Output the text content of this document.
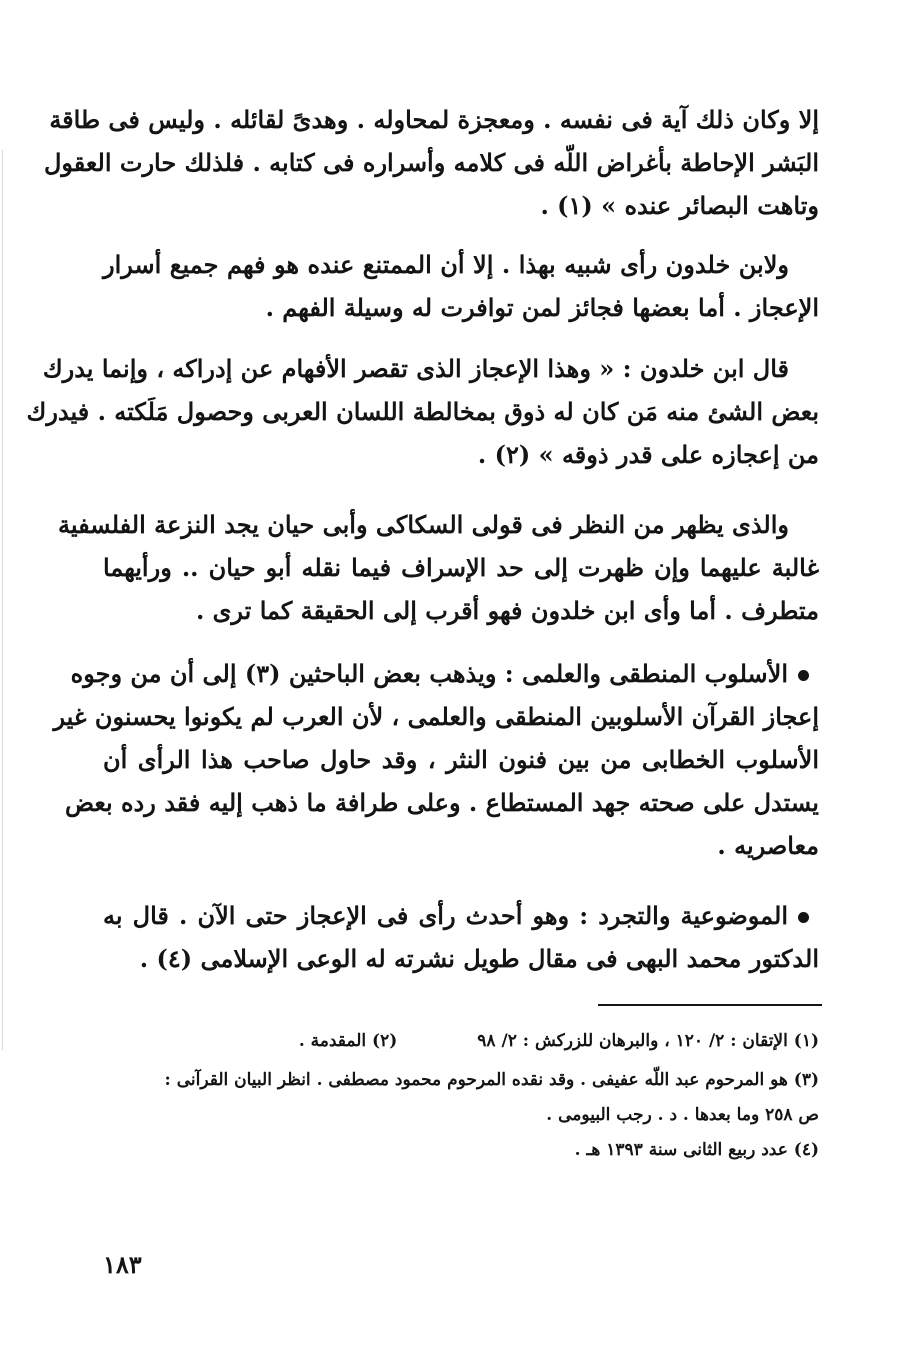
إلا وكان ذلك آية فى نفسه . ومعجزة لمحاوله . وهدىً لقائله . وليس فى طاقة
البَشر الإحاطة بأغراض اللّه فى كلامه وأسراره فى كتابه . فلذلك حارت العقول
وتاهت البصائر عنده » (١) .
ولابن خلدون رأى شبيه بهذا . إلا أن الممتنع عنده هو فهم جميع أسرار
الإعجاز . أما بعضها فجائز لمن توافرت له وسيلة الفهم .
قال ابن خلدون : « وهذا الإعجاز الذى تقصر الأفهام عن إدراكه ، وإنما يدرك
بعض الشئ منه مَن كان له ذوق بمخالطة اللسان العربى وحصول مَلَكته . فيدرك
من إعجازه على قدر ذوقه » (٢) .
والذى يظهر من النظر فى قولى السكاكى وأبى حيان يجد النزعة الفلسفية
غالبة عليهما وإن ظهرت إلى حد الإسراف فيما نقله أبو حيان .. ورأيهما
متطرف . أما وأى ابن خلدون فهو أقرب إلى الحقيقة كما ترى .
الأسلوب المنطقى والعلمى : ويذهب بعض الباحثين (٣) إلى أن من وجوه
إعجاز القرآن الأسلوبين المنطقى والعلمى ، لأن العرب لم يكونوا يحسنون غير
الأسلوب الخطابى من بين فنون النثر ، وقد حاول صاحب هذا الرأى أن
يستدل على صحته جهد المستطاع . وعلى طرافة ما ذهب إليه فقد رده بعض
معاصريه .
الموضوعية والتجرد : وهو أحدث رأى فى الإعجاز حتى الآن . قال به
الدكتور محمد البهى فى مقال طويل نشرته له الوعى الإسلامى (٤) .
(١) الإتقان : ٢/ ١٢٠ ، والبرهان للزركش : ٢/ ٩٨
(٢) المقدمة .
(٣) هو المرحوم عبد اللّه عفيفى . وقد نقده المرحوم محمود مصطفى . انظر البيان القرآنى :
ص ٢٥٨ وما بعدها . د . رجب البيومى .
(٤) عدد ربيع الثانى سنة ١٣٩٣ هـ .
١٨٣
